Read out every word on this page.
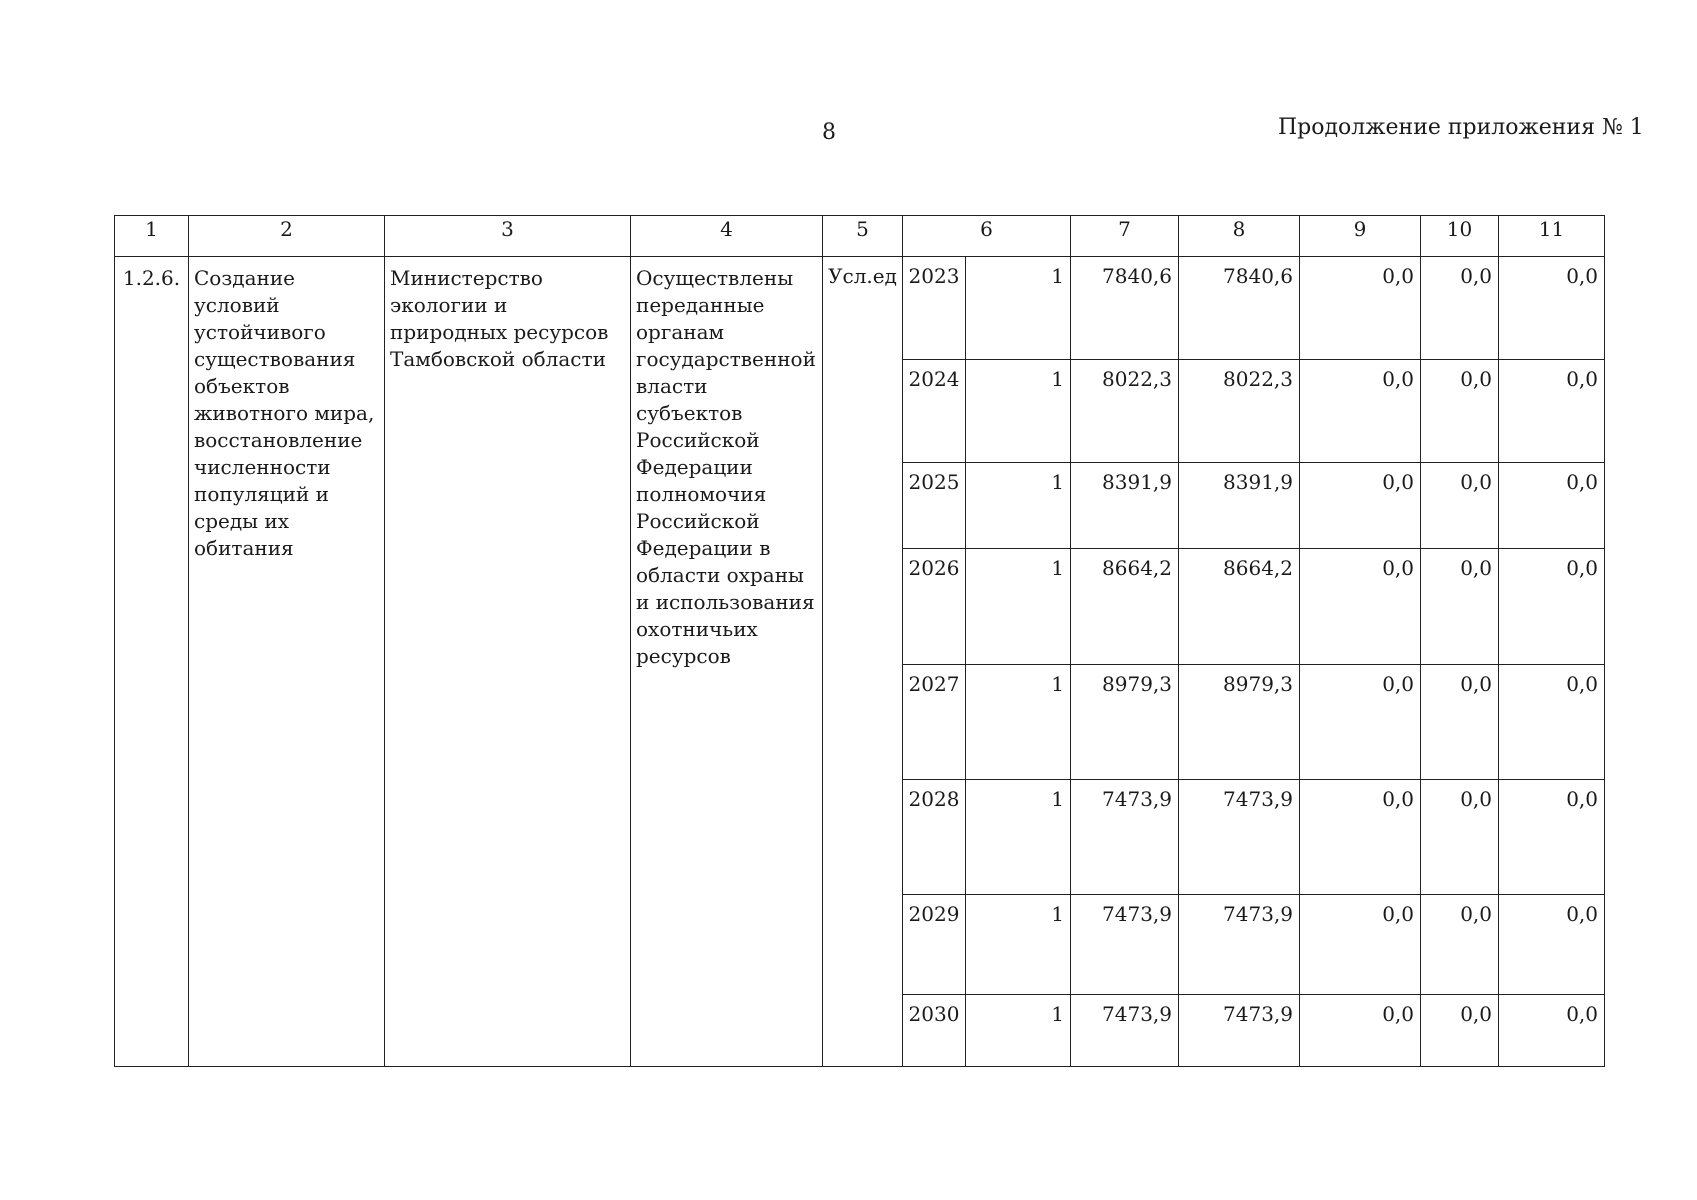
8	Продолжение приложения № 1
1	2	3	4	5	6		7	8	9	10	11
1.2.6.	Создание условий устойчивого существования объектов животного мира, восстановление численности популяций и среды их обитания	Министерство экологии и природных ресурсов Тамбовской области	Осуществлены переданные органам государственной власти субъектов Российской Федерации полномочия Российской Федерации в области охраны и использования охотничьих ресурсов	Усл.ед	2023	1	7840,6	7840,6	0,0	0,0	0,0
					2024	1	8022,3	8022,3	0,0	0,0	0,0
					2025	1	8391,9	8391,9	0,0	0,0	0,0
					2026	1	8664,2	8664,2	0,0	0,0	0,0
					2027	1	8979,3	8979,3	0,0	0,0	0,0
					2028	1	7473,9	7473,9	0,0	0,0	0,0
					2029	1	7473,9	7473,9	0,0	0,0	0,0
					2030	1	7473,9	7473,9	0,0	0,0	0,0
